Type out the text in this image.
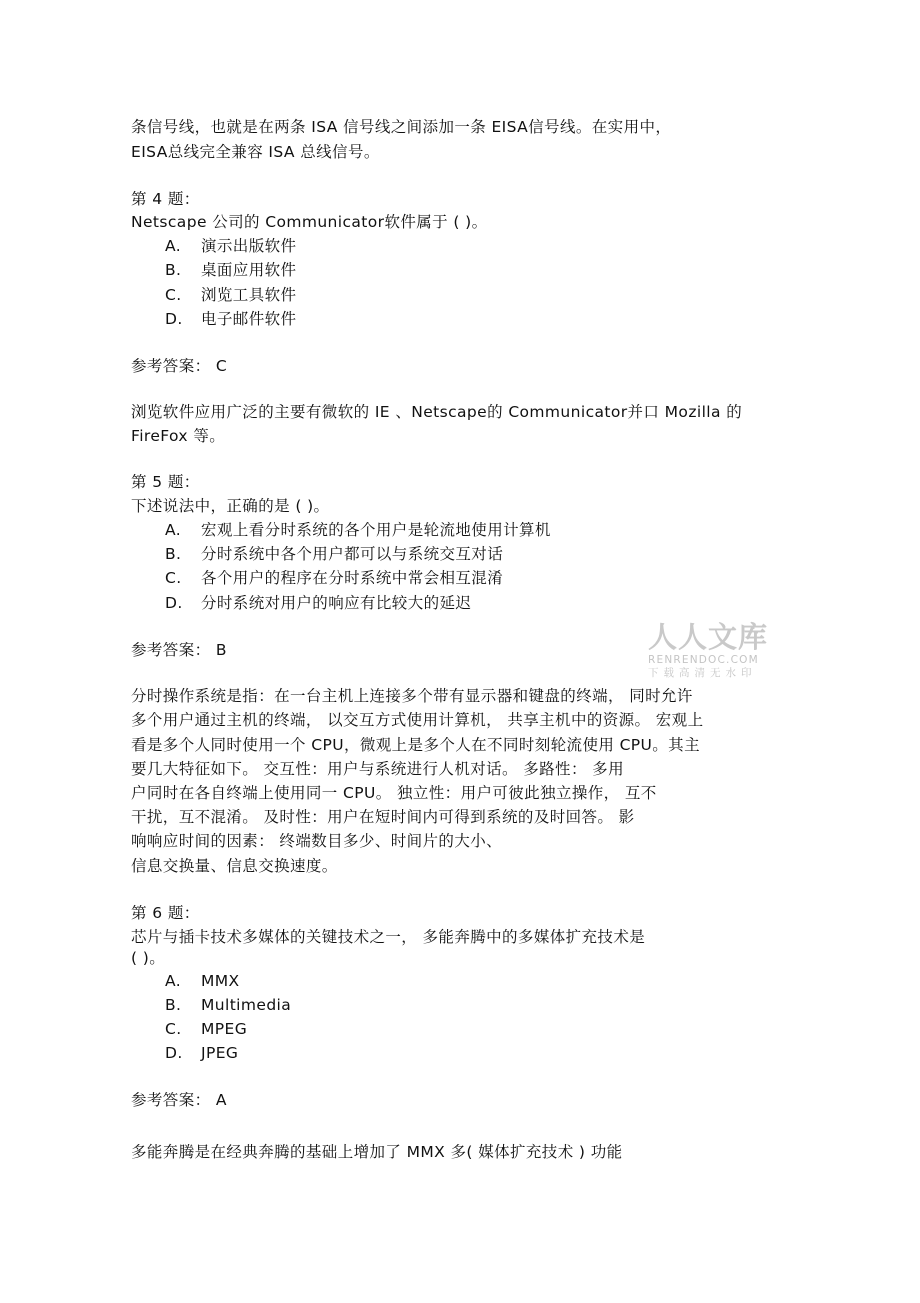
条信号线，也就是在两条 ISA 信号线之间添加一条 EISA信号线。在实用中，
EISA总线完全兼容 ISA 总线信号。
第 4 题：
Netscape 公司的 Communicator软件属于 ( )。
A. 演示出版软件
B. 桌面应用软件
C. 浏览工具软件
D. 电子邮件软件
参考答案： C
浏览软件应用广泛的主要有微软的 IE 、Netscape的 Communicator并口 Mozilla 的
FireFox 等。
第 5 题：
下述说法中，正确的是 ( )。
A. 宏观上看分时系统的各个用户是轮流地使用计算机
B. 分时系统中各个用户都可以与系统交互对话
C. 各个用户的程序在分时系统中常会相互混淆
D. 分时系统对用户的响应有比较大的延迟
参考答案： B
分时操作系统是指：在一台主机上连接多个带有显示器和键盘的终端， 同时允许
多个用户通过主机的终端， 以交互方式使用计算机， 共享主机中的资源。 宏观上
看是多个人同时使用一个 CPU，微观上是多个人在不同时刻轮流使用 CPU。其主
要几大特征如下。 交互性：用户与系统进行人机对话。 多路性： 多用
户同时在各自终端上使用同一 CPU。 独立性：用户可彼此独立操作， 互不
干扰，互不混淆。 及时性：用户在短时间内可得到系统的及时回答。 影
响响应时间的因素： 终端数目多少、时间片的大小、
信息交换量、信息交换速度。
第 6 题：
芯片与插卡技术多媒体的关键技术之一， 多能奔腾中的多媒体扩充技术是
( )。
A. MMX
B. Multimedia
C. MPEG
D. JPEG
参考答案： A
多能奔腾是在经典奔腾的基础上增加了 MMX 多( 媒体扩充技术 ) 功能
人人文库
RENRENDOC.COM
下载高清无水印
